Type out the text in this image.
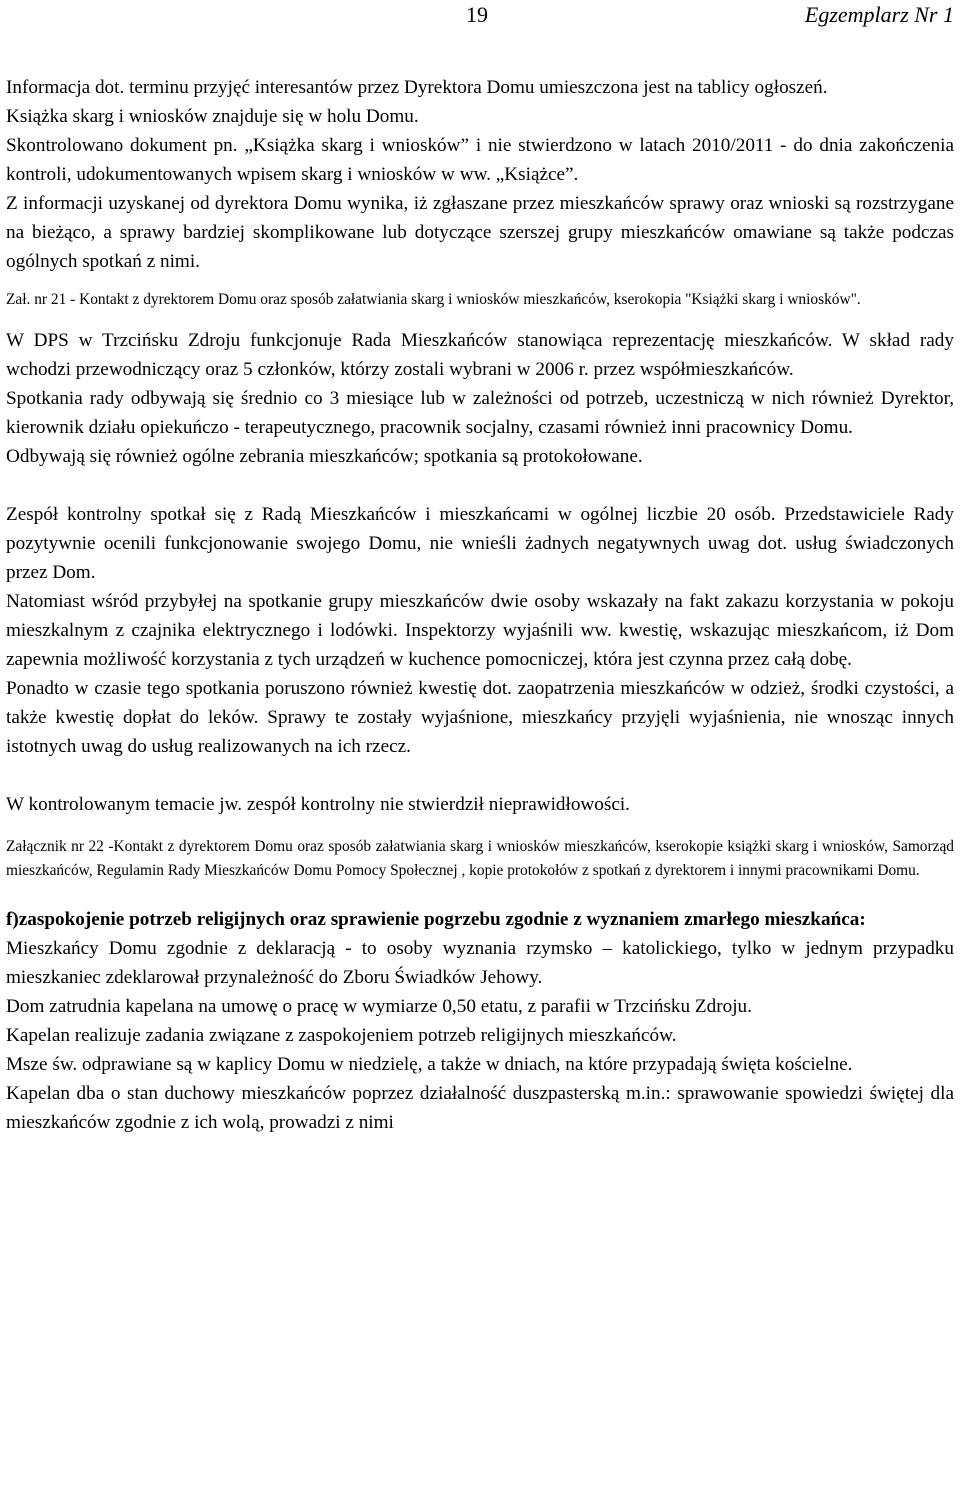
19	Egzemplarz Nr 1

Informacja dot. terminu przyjęć interesantów przez Dyrektora Domu umieszczona jest na tablicy ogłoszeń.

Książka skarg i wniosków znajduje się w holu Domu.

Skontrolowano dokument pn. „Książka skarg i wniosków” i nie stwierdzono w latach 2010/2011 - do dnia zakończenia kontroli, udokumentowanych wpisem skarg i wniosków w ww. „Książce”.

Z informacji uzyskanej od dyrektora Domu wynika, iż zgłaszane przez mieszkańców sprawy oraz wnioski są rozstrzygane na bieżąco, a sprawy bardziej skomplikowane lub dotyczące szerszej grupy mieszkańców omawiane są także podczas ogólnych spotkań z nimi.

Zał. nr 21 - Kontakt z dyrektorem Domu oraz sposób załatwiania skarg i wniosków mieszkańców, kserokopia "Książki skarg i wniosków".

W DPS w Trzcińsku Zdroju funkcjonuje Rada Mieszkańców stanowiąca reprezentację mieszkańców. W skład rady wchodzi przewodniczący oraz 5 członków, którzy zostali wybrani w 2006 r. przez współmieszkańców.

Spotkania rady odbywają się średnio co 3 miesiące lub w zależności od potrzeb, uczestniczą w nich również Dyrektor, kierownik działu opiekuńczo - terapeutycznego, pracownik socjalny, czasami również inni pracownicy Domu.

Odbywają się również ogólne zebrania mieszkańców; spotkania są protokołowane.

Zespół kontrolny spotkał się z Radą Mieszkańców i mieszkańcami w ogólnej liczbie 20 osób. Przedstawiciele Rady pozytywnie ocenili funkcjonowanie swojego Domu, nie wnieśli żadnych negatywnych uwag dot. usług świadczonych przez Dom.

Natomiast wśród przybyłej na spotkanie grupy mieszkańców dwie osoby wskazały na fakt zakazu korzystania w pokoju mieszkalnym z czajnika elektrycznego i lodówki. Inspektorzy wyjaśnili ww. kwestię, wskazując mieszkańcom, iż Dom zapewnia możliwość korzystania z tych urządzeń w kuchence pomocniczej, która jest czynna przez całą dobę.

Ponadto w czasie tego spotkania poruszono również kwestię dot. zaopatrzenia mieszkańców w odzież, środki czystości, a także kwestię dopłat do leków. Sprawy te zostały wyjaśnione, mieszkańcy przyjęli wyjaśnienia, nie wnosząc innych istotnych uwag do usług realizowanych na ich rzecz.

W kontrolowanym temacie jw. zespół kontrolny nie stwierdził nieprawidłowości.

Załącznik nr 22 -Kontakt z dyrektorem Domu oraz sposób załatwiania skarg i wniosków mieszkańców, kserokopie książki skarg i wniosków, Samorząd mieszkańców, Regulamin Rady Mieszkańców Domu Pomocy Społecznej , kopie protokołów z spotkań z dyrektorem i innymi pracownikami Domu.

f)zaspokojenie potrzeb religijnych oraz sprawienie pogrzebu zgodnie z wyznaniem zmarłego mieszkańca:

Mieszkańcy Domu zgodnie z deklaracją - to osoby wyznania rzymsko – katolickiego, tylko w jednym przypadku mieszkaniec zdeklarował przynależność do Zboru Świadków Jehowy.

Dom zatrudnia kapelana na umowę o pracę w wymiarze 0,50 etatu, z parafii w Trzcińsku Zdroju.

Kapelan realizuje zadania związane z zaspokojeniem potrzeb religijnych mieszkańców.

Msze św. odprawiane są w kaplicy Domu w niedzielę, a także w dniach, na które przypadają święta kościelne.

Kapelan dba o stan duchowy mieszkańców poprzez działalność duszpasterską m.in.: sprawowanie spowiedzi świętej dla mieszkańców zgodnie z ich wolą, prowadzi z nimi
